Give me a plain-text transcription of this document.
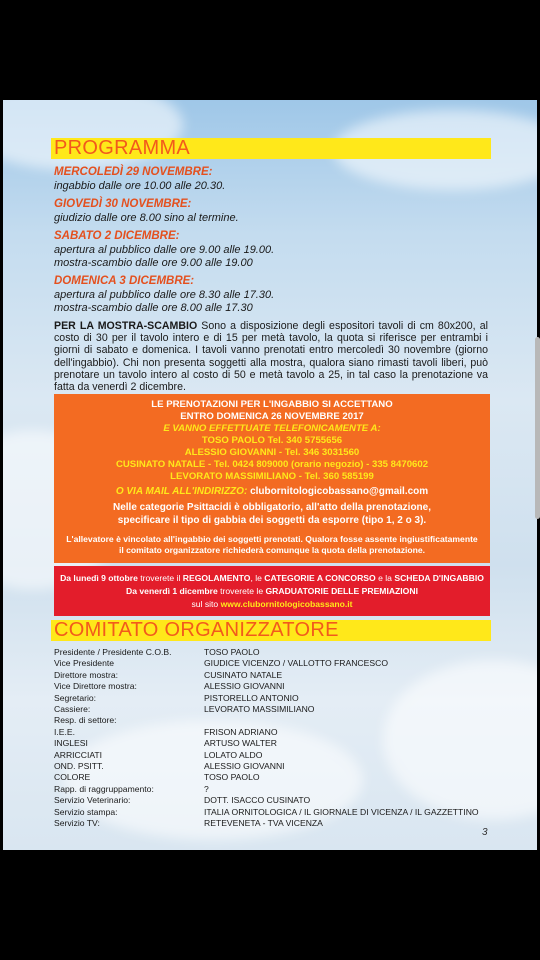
PROGRAMMA
MERCOLEDÌ 29 NOVEMBRE:
ingabbio dalle ore 10.00 alle 20.30.
GIOVEDÌ 30 NOVEMBRE:
giudizio dalle ore 8.00 sino al termine.
SABATO 2 DICEMBRE:
apertura al pubblico dalle ore 9.00 alle 19.00.
mostra-scambio dalle ore 9.00 alle 19.00
DOMENICA 3 DICEMBRE:
apertura al pubblico dalle ore 8.30 alle 17.30.
mostra-scambio dalle ore 8.00 alle 17.30
PER LA MOSTRA-SCAMBIO Sono a disposizione degli espositori tavoli di cm 80x200, al costo di 30 per il tavolo intero e di 15 per metà tavolo, la quota si riferisce per entrambi i giorni di sabato e domenica. I tavoli vanno prenotati entro mercoledì 30 novembre (giorno dell'ingabbio). Chi non presenta soggetti alla mostra, qualora siano rimasti tavoli liberi, può prenotare un tavolo intero al costo di 50 e metà tavolo a 25, in tal caso la prenotazione va fatta da venerdì 2 dicembre.
LE PRENOTAZIONI PER L'INGABBIO SI ACCETTANO
ENTRO DOMENICA 26 NOVEMBRE 2017
E VANNO EFFETTUATE TELEFONICAMENTE A:
TOSO PAOLO Tel. 340 5755656
ALESSIO GIOVANNI - Tel. 346 3031560
CUSINATO NATALE - Tel. 0424 809000 (orario negozio) - 335 8470602
LEVORATO MASSIMILIANO - Tel. 360 585199
O VIA MAIL ALL'INDIRIZZO: clubornitologicobassano@gmail.com
Nelle categorie Psittacidi è obbligatorio, all'atto della prenotazione,
specificare il tipo di gabbia dei soggetti da esporre (tipo 1, 2 o 3).
L'allevatore è vincolato all'ingabbio dei soggetti prenotati. Qualora fosse assente ingiustificatamente
il comitato organizzatore richiederà comunque la quota della prenotazione.
Da lunedì 9 ottobre troverete il REGOLAMENTO, le CATEGORIE A CONCORSO e la SCHEDA D'INGABBIO
Da venerdì 1 dicembre troverete le GRADUATORIE DELLE PREMIAZIONI
sul sito www.clubornitologicobassano.it
COMITATO ORGANIZZATORE
Presidente / Presidente C.O.B.	TOSO PAOLO
Vice Presidente	GIUDICE VICENZO / VALLOTTO FRANCESCO
Direttore mostra:	CUSINATO NATALE
Vice Direttore mostra:	ALESSIO GIOVANNI
Segretario:	PISTORELLO ANTONIO
Cassiere:	LEVORATO MASSIMILIANO
Resp. di settore:
I.E.E.	FRISON ADRIANO
INGLESI	ARTUSO WALTER
ARRICCIATI	LOLATO ALDO
OND. PSITT.	ALESSIO GIOVANNI
COLORE	TOSO PAOLO
Rapp. di raggruppamento:	?
Servizio Veterinario:	DOTT. ISACCO CUSINATO
Servizio stampa:	ITALIA ORNITOLOGICA / IL GIORNALE DI VICENZA / IL GAZZETTINO
Servizio TV:	RETEVENETA - TVA VICENZA
3
